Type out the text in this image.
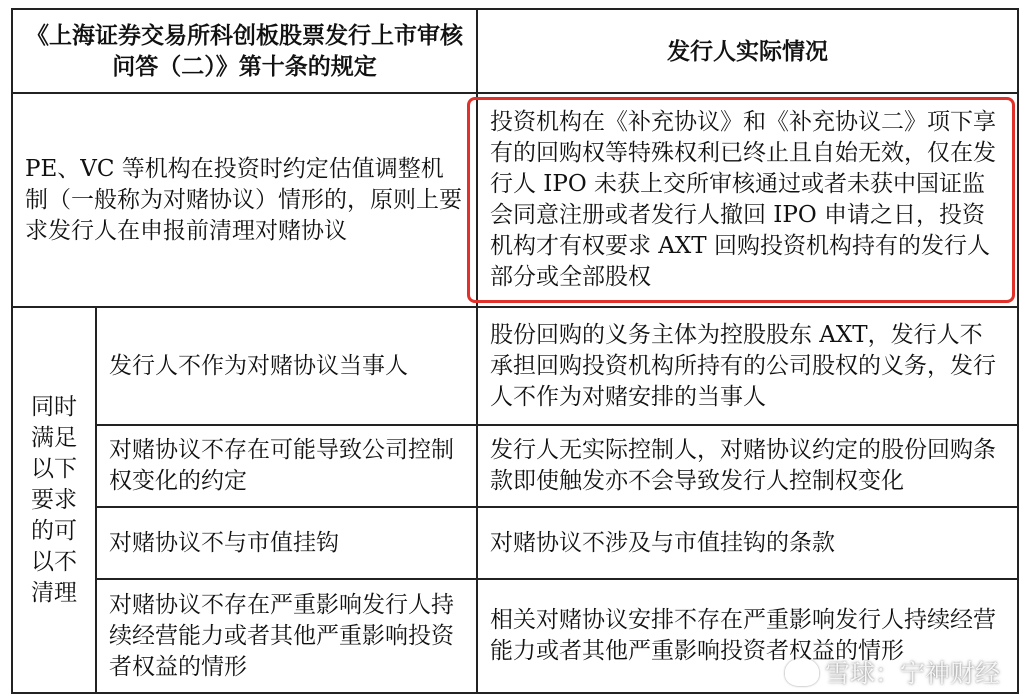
《上海证券交易所科创板股票发行上市审核问答（二）》第十条的规定		发行人实际情况
PE、VC 等机构在投资时约定估值调整机制（一般称为对赌协议）情形的，原则上要求发行人在申报前清理对赌协议		投资机构在《补充协议》和《补充协议二》项下享有的回购权等特殊权利已终止且自始无效，仅在发行人 IPO 未获上交所审核通过或者未获中国证监会同意注册或者发行人撤回 IPO 申请之日，投资机构才有权要求 AXT 回购投资机构持有的发行人部分或全部股权

同时满足以下要求的可以不清理	发行人不作为对赌协议当事人	股份回购的义务主体为控股股东 AXT，发行人不承担回购投资机构所持有的公司股权的义务，发行人不作为对赌安排的当事人
	对赌协议不存在可能导致公司控制权变化的约定	发行人无实际控制人，对赌协议约定的股份回购条款即使触发亦不会导致发行人控制权变化
	对赌协议不与市值挂钩	对赌协议不涉及与市值挂钩的条款
	对赌协议不存在严重影响发行人持续经营能力或者其他严重影响投资者权益的情形	相关对赌协议安排不存在严重影响发行人持续经营能力或者其他严重影响投资者权益的情形
雪球：宁神财经
